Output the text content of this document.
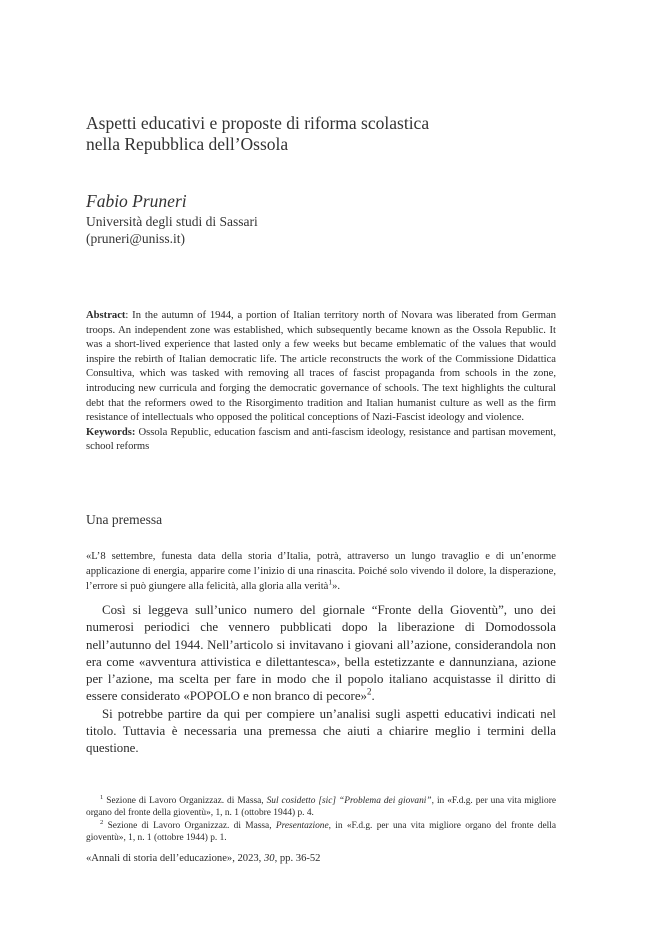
Aspetti educativi e proposte di riforma scolastica
nella Repubblica dell’Ossola
Fabio Pruneri
Università degli studi di Sassari
(pruneri@uniss.it)
Abstract: In the autumn of 1944, a portion of Italian territory north of Novara was liberated from German troops. An independent zone was established, which subsequently became known as the Ossola Republic. It was a short-lived experience that lasted only a few weeks but became emblematic of the values that would inspire the rebirth of Italian democratic life. The article reconstructs the work of the Commissione Didattica Consultiva, which was tasked with removing all traces of fascist propaganda from schools in the zone, introducing new curricula and forging the democratic governance of schools. The text highlights the cultural debt that the reformers owed to the Risorgimento tradition and Italian humanist culture as well as the firm resistance of intellectuals who opposed the political conceptions of Nazi-Fascist ideology and violence.
Keywords: Ossola Republic, education fascism and anti-fascism ideology, resistance and partisan movement, school reforms
Una premessa
«L’8 settembre, funesta data della storia d’Italia, potrà, attraverso un lungo travaglio e di un’enorme applicazione di energia, apparire come l’inizio di una rinascita. Poiché solo vivendo il dolore, la disperazione, l’errore si può giungere alla felicità, alla gloria alla verità$^1$».

Così si leggeva sull’unico numero del giornale “Fronte della Gioventù”, uno dei numerosi periodici che vennero pubblicati dopo la liberazione di Domodossola nell’autunno del 1944. Nell’articolo si invitavano i giovani all’azione, considerandola non era come «avventura attivistica e dilettantesca», bella estetizzante e dannunziana, azione per l’azione, ma scelta per fare in modo che il popolo italiano acquistasse il diritto di essere considerato «POPOLO e non branco di pecore»$^2$.

Si potrebbe partire da qui per compiere un’analisi sugli aspetti educativi indicati nel titolo. Tuttavia è necessaria una premessa che aiuti a chiarire meglio i termini della questione.

$^1$ Sezione di Lavoro Organizzaz. di Massa, Sul cosidetto [sic] “Problema dei giovani”, in «F.d.g. per una vita migliore organo del fronte della gioventù», 1, n. 1 (ottobre 1944) p. 4.

$^2$ Sezione di Lavoro Organizzaz. di Massa, Presentazione, in «F.d.g. per una vita migliore organo del fronte della gioventù», 1, n. 1 (ottobre 1944) p. 1.

«Annali di storia dell’educazione», 2023, 30, pp. 36-52
